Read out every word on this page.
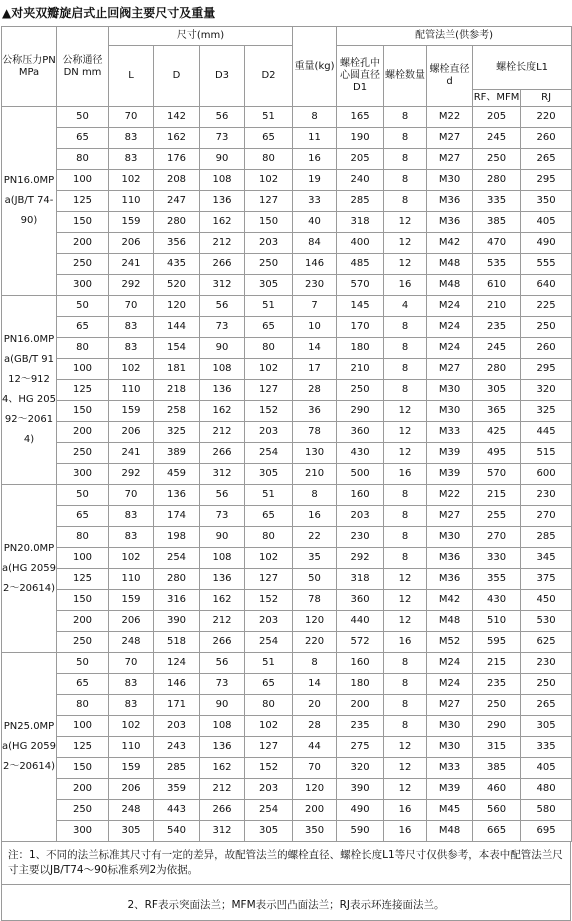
▲对夹双瓣旋启式止回阀主要尺寸及重量
公称压力PN MPa	公称通径DN mm	尺寸(mm)				重量(kg)	配管法兰(供参考)				
		L	D	D3	D2		螺栓孔中心圆直径D1	螺栓数量	螺栓直径d	螺栓长度L1	
										RF、MFM	RJ
PN16.0MPa(JB/T 74-90)	50	70	142	56	51	8	165	8	M22	205	220
	65	83	162	73	65	11	190	8	M27	245	260
	80	83	176	90	80	16	205	8	M27	250	265
	100	102	208	108	102	19	240	8	M30	280	295
	125	110	247	136	127	33	285	8	M36	335	350
	150	159	280	162	150	40	318	12	M36	385	405
	200	206	356	212	203	84	400	12	M42	470	490
	250	241	435	266	250	146	485	12	M48	535	555
	300	292	520	312	305	230	570	16	M48	610	640
PN16.0MPa(GB/T 9112～9124、HG 20592～20614)	50	70	120	56	51	7	145	4	M24	210	225
	65	83	144	73	65	10	170	8	M24	235	250
	80	83	154	90	80	14	180	8	M24	245	260
	100	102	181	108	102	17	210	8	M27	280	295
	125	110	218	136	127	28	250	8	M30	305	320
	150	159	258	162	152	36	290	12	M30	365	325
	200	206	325	212	203	78	360	12	M33	425	445
	250	241	389	266	254	130	430	12	M39	495	515
	300	292	459	312	305	210	500	16	M39	570	600
PN20.0MPa(HG 20592～20614)	50	70	136	56	51	8	160	8	M22	215	230
	65	83	174	73	65	16	203	8	M27	255	270
	80	83	198	90	80	22	230	8	M30	270	285
	100	102	254	108	102	35	292	8	M36	330	345
	125	110	280	136	127	50	318	12	M36	355	375
	150	159	316	162	152	78	360	12	M42	430	450
	200	206	390	212	203	120	440	12	M48	510	530
	250	248	518	266	254	220	572	16	M52	595	625
PN25.0MPa(HG 20592～20614)	50	70	124	56	51	8	160	8	M24	215	230
	65	83	146	73	65	14	180	8	M24	235	250
	80	83	171	90	80	20	200	8	M27	250	265
	100	102	203	108	102	28	235	8	M30	290	305
	125	110	243	136	127	44	275	12	M30	315	335
	150	159	285	162	152	70	320	12	M33	385	405
	200	206	359	212	203	120	390	12	M39	460	480
	250	248	443	266	254	200	490	16	M45	560	580
	300	305	540	312	305	350	590	16	M48	665	695
注：1、不同的法兰标准其尺寸有一定的差异，故配管法兰的螺栓直径、螺栓长度L1等尺寸仅供参考，本表中配管法兰尺寸主要以JB/T74～90标准系列2为依据。

2、RF表示突面法兰；MFM表示凹凸面法兰；RJ表示环连接面法兰。
